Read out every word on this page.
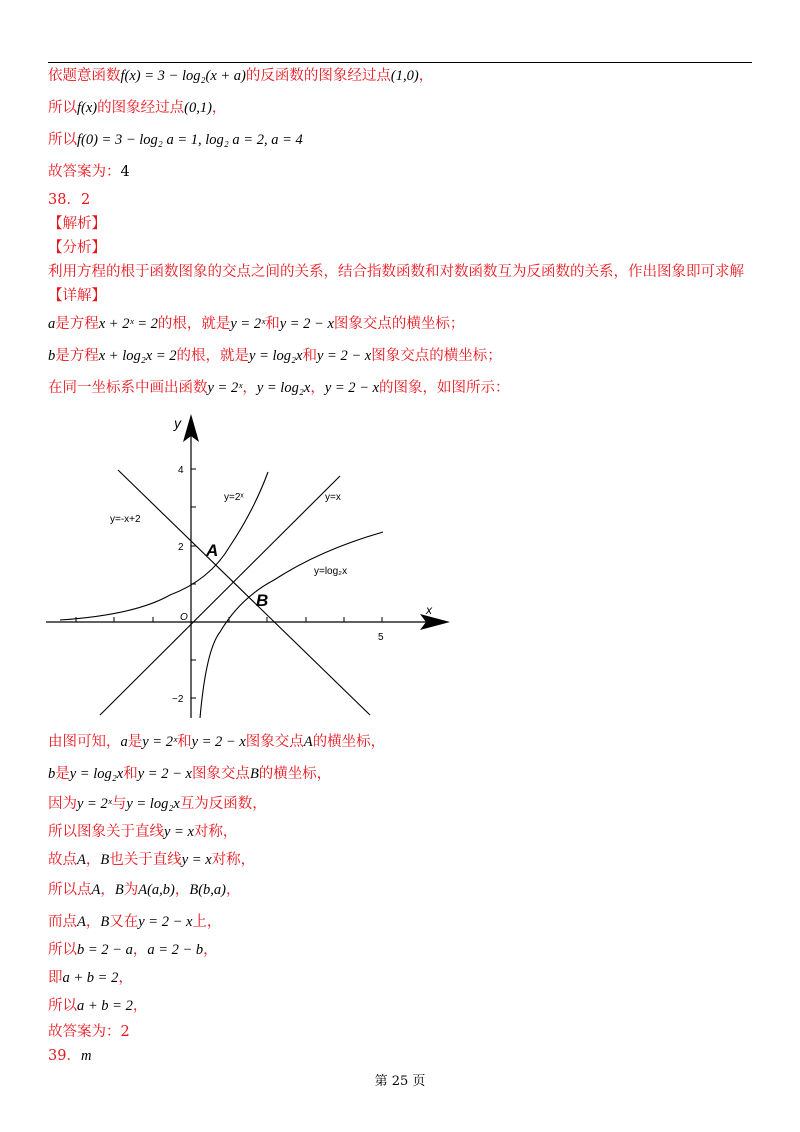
依题意函数f(x) = 3 − log₂(x + a)的反函数的图象经过点(1,0)，
所以f(x)的图象经过点(0,1)，
所以f(0) = 3 − log₂ a = 1, log₂ a = 2, a = 4
故答案为：4
38．2
【解析】
【分析】
利用方程的根于函数图象的交点之间的关系，结合指数函数和对数函数互为反函数的关系，作出图象即可求解
【详解】
a是方程x + 2ˣ = 2的根，就是y = 2ˣ和y = 2 − x图象交点的横坐标；
b是方程x + log₂x = 2的根，就是y = log₂x和y = 2 − x图象交点的横坐标；
在同一坐标系中画出函数y = 2ˣ，y = log₂x，y = 2 − x的图象，如图所示：
y
x
4
2
−2
5
O
y=2ˣ	y=x
y=-x+2
y=log₂x
A
B
由图可知，a是y = 2ˣ和y = 2 − x图象交点A的横坐标，
b是y = log₂x和y = 2 − x图象交点B的横坐标，
因为y = 2ˣ与y = log₂x互为反函数，
所以图象关于直线y = x对称，
故点A，B也关于直线y = x对称，
所以点A，B为A(a,b)，B(b,a)，
而点A，B又在y = 2 − x上，
所以b = 2 − a，a = 2 − b，
即a + b = 2，
所以a + b = 2，
故答案为：2
39．m
第 25 页
